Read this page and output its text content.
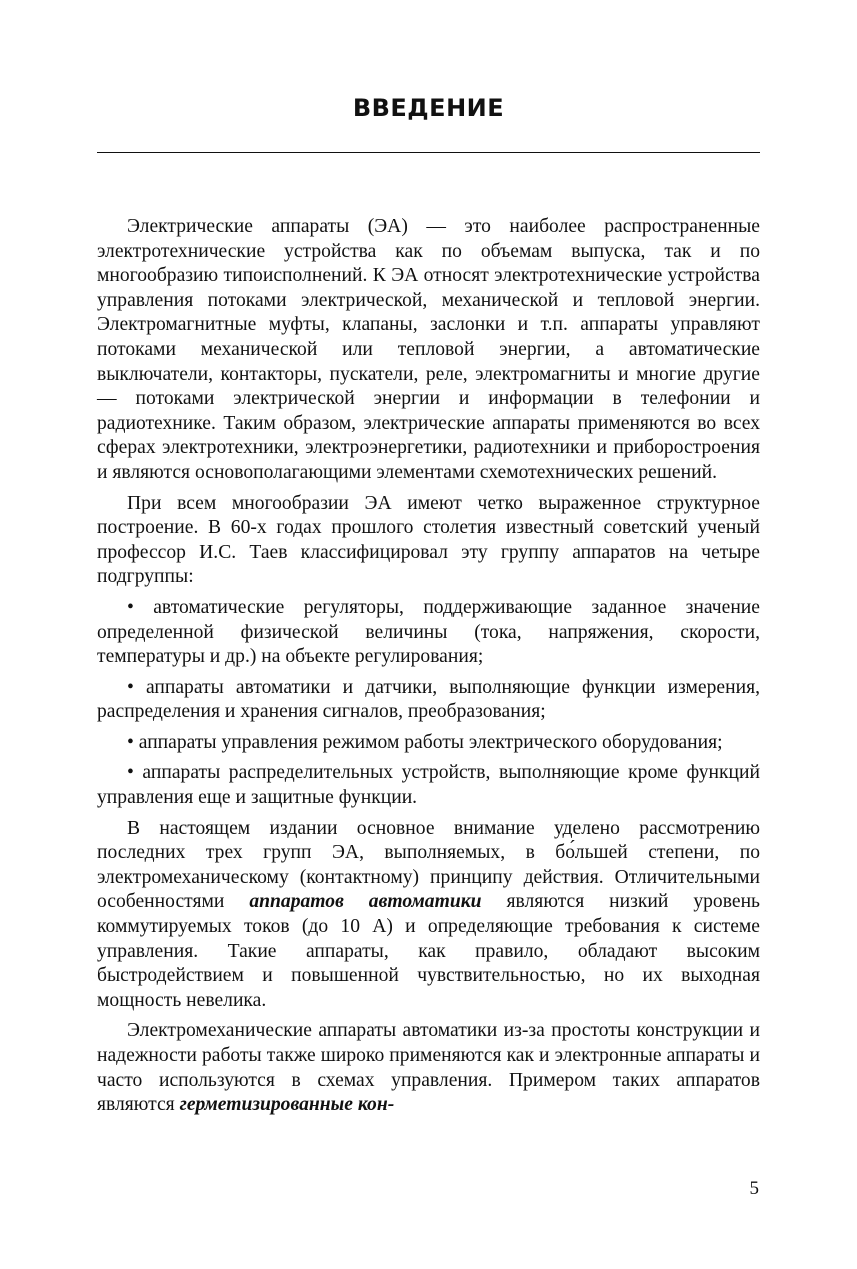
ВВЕДЕНИЕ

Электрические аппараты (ЭА) — это наиболее распространенные электротехнические устройства как по объемам выпуска, так и по многообразию типоисполнений. К ЭА относят электротехнические устройства управления потоками электрической, механической и тепловой энергии. Электромагнитные муфты, клапаны, заслонки и т.п. аппараты управляют потоками механической или тепловой энергии, а автоматические выключатели, контакторы, пускатели, реле, электромагниты и многие другие — потоками электрической энергии и информации в телефонии и радиотехнике. Таким образом, электрические аппараты применяются во всех сферах электротехники, электроэнергетики, радиотехники и приборостроения и являются основополагающими элементами схемотехнических решений.

При всем многообразии ЭА имеют четко выраженное структурное построение. В 60-х годах прошлого столетия известный советский ученый профессор И.С. Таев классифицировал эту группу аппаратов на четыре подгруппы:

• автоматические регуляторы, поддерживающие заданное значение определенной физической величины (тока, напряжения, скорости, температуры и др.) на объекте регулирования;

• аппараты автоматики и датчики, выполняющие функции измерения, распределения и хранения сигналов, преобразования;

• аппараты управления режимом работы электрического оборудования;

• аппараты распределительных устройств, выполняющие кроме функций управления еще и защитные функции.

В настоящем издании основное внимание уделено рассмотрению последних трех групп ЭА, выполняемых, в бо́льшей степени, по электромеханическому (контактному) принципу действия. Отличительными особенностями аппаратов автоматики являются низкий уровень коммутируемых токов (до 10 А) и определяющие требования к системе управления. Такие аппараты, как правило, обладают высоким быстродействием и повышенной чувствительностью, но их выходная мощность невелика.

Электромеханические аппараты автоматики из-за простоты конструкции и надежности работы также широко применяются как и электронные аппараты и часто используются в схемах управления. Примером таких аппаратов являются герметизированные кон-

5
